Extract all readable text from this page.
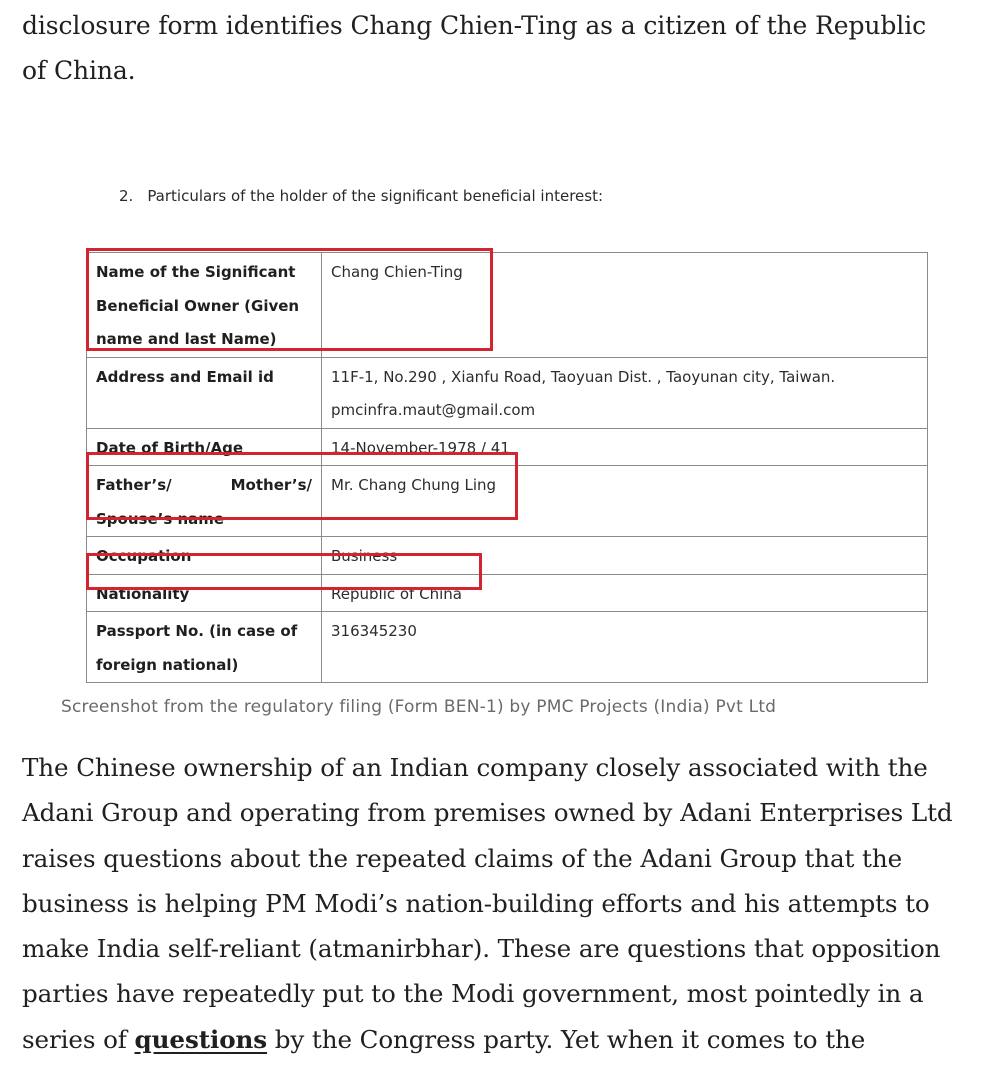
disclosure form identifies Chang Chien-Ting as a citizen of the Republic
of China.

2. Particulars of the holder of the significant beneficial interest:
Name of the Significant
Beneficial Owner (Given
name and last Name)	Chang Chien-Ting
Address and Email id	11F-1, No.290 , Xianfu Road, Taoyuan Dist. , Taoyunan city, Taiwan.
pmcinfra.maut@gmail.com
Date of Birth/Age	14-November-1978 / 41

Father’s/ Mother’s/
Spouse’s name	Mr. Chang Chung Ling
Occupation	Business
Nationality	Republic of China
Passport No. (in case of
foreign national)	316345230
Screenshot from the regulatory filing (Form BEN-1) by PMC Projects (India) Pvt Ltd

The Chinese ownership of an Indian company closely associated with the Adani Group and operating from premises owned by Adani Enterprises Ltd raises questions about the repeated claims of the Adani Group that the business is helping PM Modi’s nation-building efforts and his attempts to make India self-reliant (atmanirbhar). These are questions that opposition parties have repeatedly put to the Modi government, most pointedly in a series of questions by the Congress party. Yet when it comes to the
